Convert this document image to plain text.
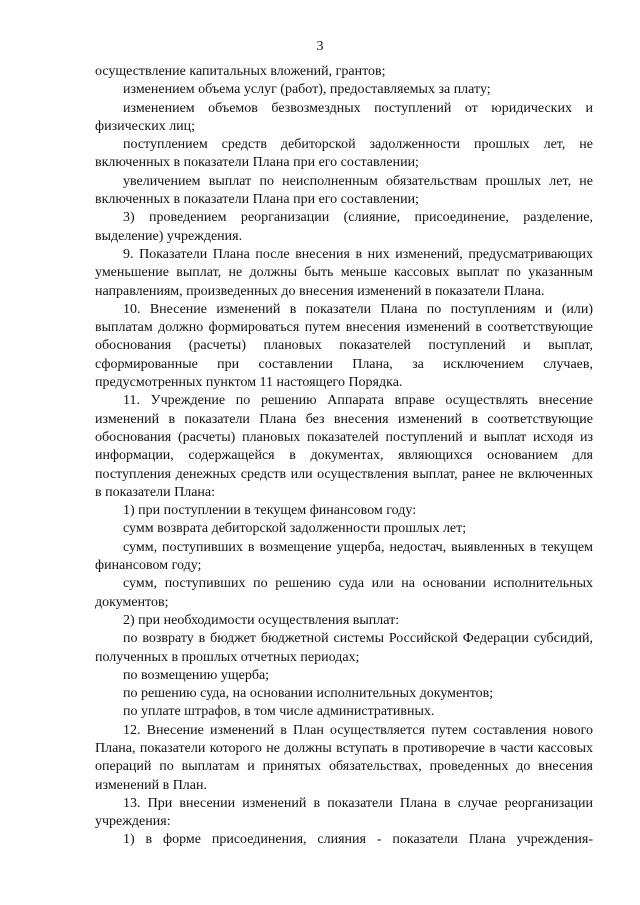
3

осуществление капитальных вложений, грантов;

изменением объема услуг (работ), предоставляемых за плату;

изменением объемов безвозмездных поступлений от юридических и физических лиц;

поступлением средств дебиторской задолженности прошлых лет, не включенных в показатели Плана при его составлении;

увеличением выплат по неисполненным обязательствам прошлых лет, не включенных в показатели Плана при его составлении;

3) проведением реорганизации (слияние, присоединение, разделение, выделение) учреждения.

9. Показатели Плана после внесения в них изменений, предусматривающих уменьшение выплат, не должны быть меньше кассовых выплат по указанным направлениям, произведенных до внесения изменений в показатели Плана.

10. Внесение изменений в показатели Плана по поступлениям и (или) выплатам должно формироваться путем внесения изменений в соответствующие обоснования (расчеты) плановых показателей поступлений и выплат, сформированные при составлении Плана, за исключением случаев, предусмотренных пунктом 11 настоящего Порядка.

11. Учреждение по решению Аппарата вправе осуществлять внесение изменений в показатели Плана без внесения изменений в соответствующие обоснования (расчеты) плановых показателей поступлений и выплат исходя из информации, содержащейся в документах, являющихся основанием для поступления денежных средств или осуществления выплат, ранее не включенных в показатели Плана:

1) при поступлении в текущем финансовом году:

сумм возврата дебиторской задолженности прошлых лет;

сумм, поступивших в возмещение ущерба, недостач, выявленных в текущем финансовом году;

сумм, поступивших по решению суда или на основании исполнительных документов;

2) при необходимости осуществления выплат:

по возврату в бюджет бюджетной системы Российской Федерации субсидий, полученных в прошлых отчетных периодах;

по возмещению ущерба;

по решению суда, на основании исполнительных документов;

по уплате штрафов, в том числе административных.

12. Внесение изменений в План осуществляется путем составления нового Плана, показатели которого не должны вступать в противоречие в части кассовых операций по выплатам и принятых обязательствах, проведенных до внесения изменений в План.

13. При внесении изменений в показатели Плана в случае реорганизации учреждения:

1) в форме присоединения, слияния - показатели Плана учреждения-
